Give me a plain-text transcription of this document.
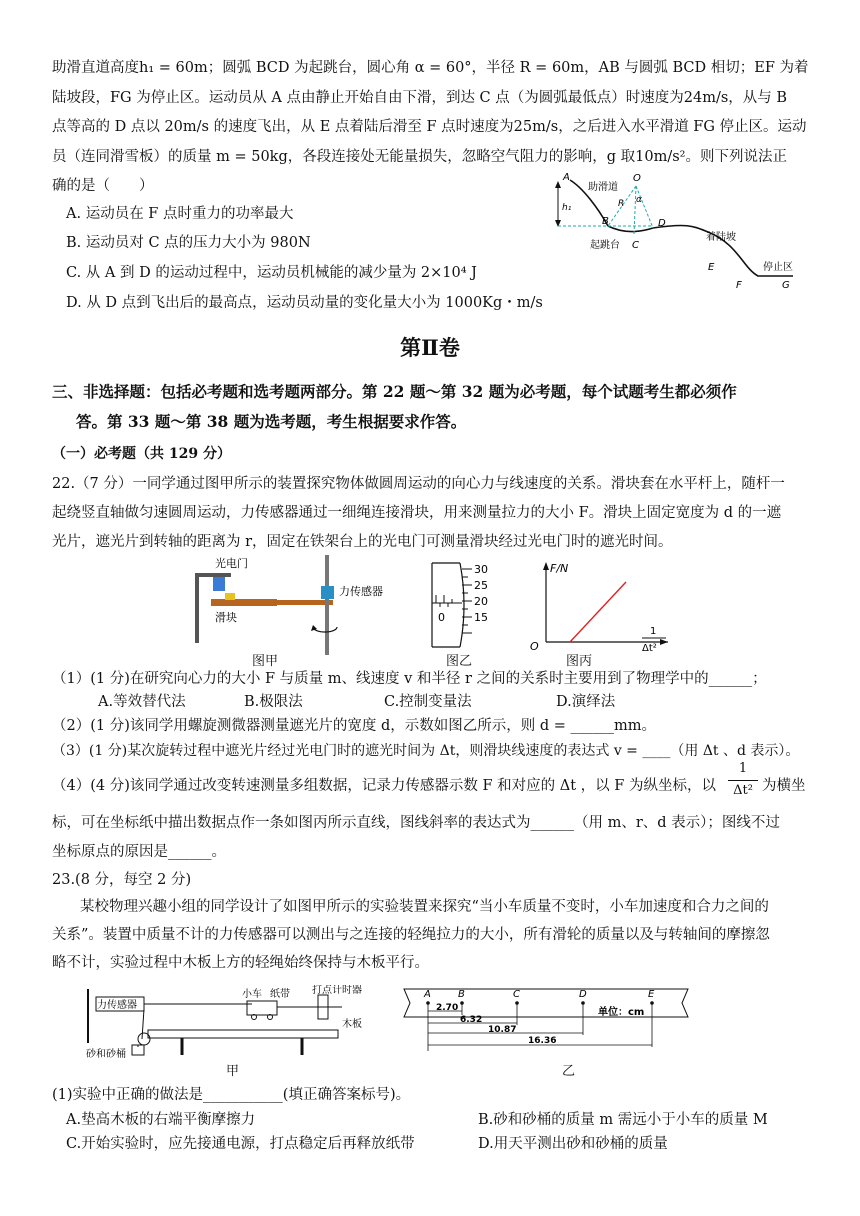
助滑直道高度h₁ = 60m；圆弧 BCD 为起跳台，圆心角 α = 60°，半径 R = 60m，AB 与圆弧 BCD 相切；EF 为着
陆坡段，FG 为停止区。运动员从 A 点由静止开始自由下滑，到达 C 点（为圆弧最低点）时速度为24m/s，从与 B
点等高的 D 点以 20m/s 的速度飞出，从 E 点着陆后滑至 F 点时速度为25m/s，之后进入水平滑道 FG 停止区。运动
员（连同滑雪板）的质量 m = 50kg，各段连接处无能量损失，忽略空气阻力的影响，g 取10m/s²。则下列说法正
确的是（　　）
A. 运动员在 F 点时重力的功率最大
B. 运动员对 C 点的压力大小为 980N
C. 从 A 到 D 的运动过程中，运动员机械能的减少量为 2×10⁴ J
D. 从 D 点到飞出后的最高点，运动员动量的变化量大小为 1000Kg・m/s
A	O
α
R
h₁
B
C
D
E
F	G
助滑道
起跳台
着陆坡
停止区
第Ⅱ卷
三、非选择题：包括必考题和选考题两部分。第 22 题～第 32 题为必考题，每个试题考生都必须作
答。第 33 题～第 38 题为选考题，考生根据要求作答。
（一）必考题（共 129 分）
22.（7 分）一同学通过图甲所示的装置探究物体做圆周运动的向心力与线速度的关系。滑块套在水平杆上，随杆一
起绕竖直轴做匀速圆周运动，力传感器通过一细绳连接滑块，用来测量拉力的大小 F。滑块上固定宽度为 d 的一遮
光片，遮光片到转轴的距离为 r，固定在铁架台上的光电门可测量滑块经过光电门时的遮光时间。
光电门
力传感器
滑块
图甲
30
25
20
15
0
图乙
F/N
O
1
Δt²
图丙
（1）(1 分)在研究向心力的大小 F 与质量 m、线速度 v 和半径 r 之间的关系时主要用到了物理学中的______；
A.等效替代法	B.极限法	C.控制变量法	D.演绎法
（2）(1 分)该同学用螺旋测微器测量遮光片的宽度 d，示数如图乙所示，则 d = ______mm。
（3）(1 分)某次旋转过程中遮光片经过光电门时的遮光时间为 Δt，则滑块线速度的表达式 v = ____（用 Δt 、d 表示）。
（4）(4 分)该同学通过改变转速测量多组数据，记录力传感器示数 F 和对应的 Δt ，以 F 为纵坐标，以
1
Δt² 为横坐
标，可在坐标纸中描出数据点作一条如图丙所示直线，图线斜率的表达式为______（用 m、r、d 表示）；图线不过
坐标原点的原因是______。
23.(8 分，每空 2 分)
某校物理兴趣小组的同学设计了如图甲所示的实验装置来探究“当小车质量不变时，小车加速度和合力之间的
关系”。装置中质量不计的力传感器可以测出与之连接的轻绳拉力的大小，所有滑轮的质量以及与转轴间的摩擦忽
略不计，实验过程中木板上方的轻绳始终保持与木板平行。
力传感器
纸带
小车	打点计时器
木板
砂和砂桶
甲
A	B	C	D	E
单位：cm
2.70
6.32
10.87
16.36
乙
(1)实验中正确的做法是___________(填正确答案标号)。
A.垫高木板的右端平衡摩擦力	B.砂和砂桶的质量 m 需远小于小车的质量 M
C.开始实验时，应先接通电源，打点稳定后再释放纸带	D.用天平测出砂和砂桶的质量
